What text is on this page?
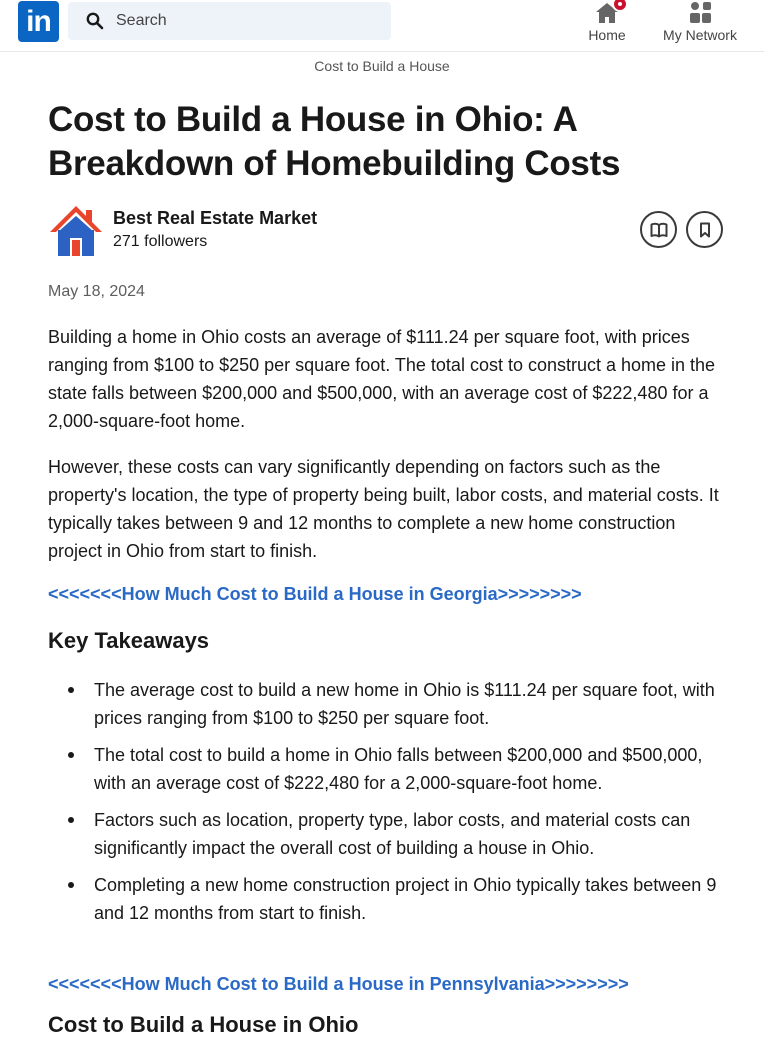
in
Search	Home	My Network
Cost to Build a House
Cost to Build a House in Ohio: A Breakdown of Homebuilding Costs
Best Real Estate Market
271 followers
May 18, 2024

Building a home in Ohio costs an average of $111.24 per square foot, with prices ranging from $100 to $250 per square foot. The total cost to construct a home in the state falls between $200,000 and $500,000, with an average cost of $222,480 for a 2,000-square-foot home.

However, these costs can vary significantly depending on factors such as the property's location, the type of property being built, labor costs, and material costs. It typically takes between 9 and 12 months to complete a new home construction project in Ohio from start to finish.

<<<<<<<How Much Cost to Build a House in Georgia>>>>>>>>
Key Takeaways
The average cost to build a new home in Ohio is $111.24 per square foot, with prices ranging from $100 to $250 per square foot.
The total cost to build a home in Ohio falls between $200,000 and $500,000, with an average cost of $222,480 for a 2,000-square-foot home.
Factors such as location, property type, labor costs, and material costs can significantly impact the overall cost of building a house in Ohio.
Completing a new home construction project in Ohio typically takes between 9 and 12 months from start to finish.
<<<<<<<How Much Cost to Build a House in Pennsylvania>>>>>>>>
Cost to Build a House in Ohio
